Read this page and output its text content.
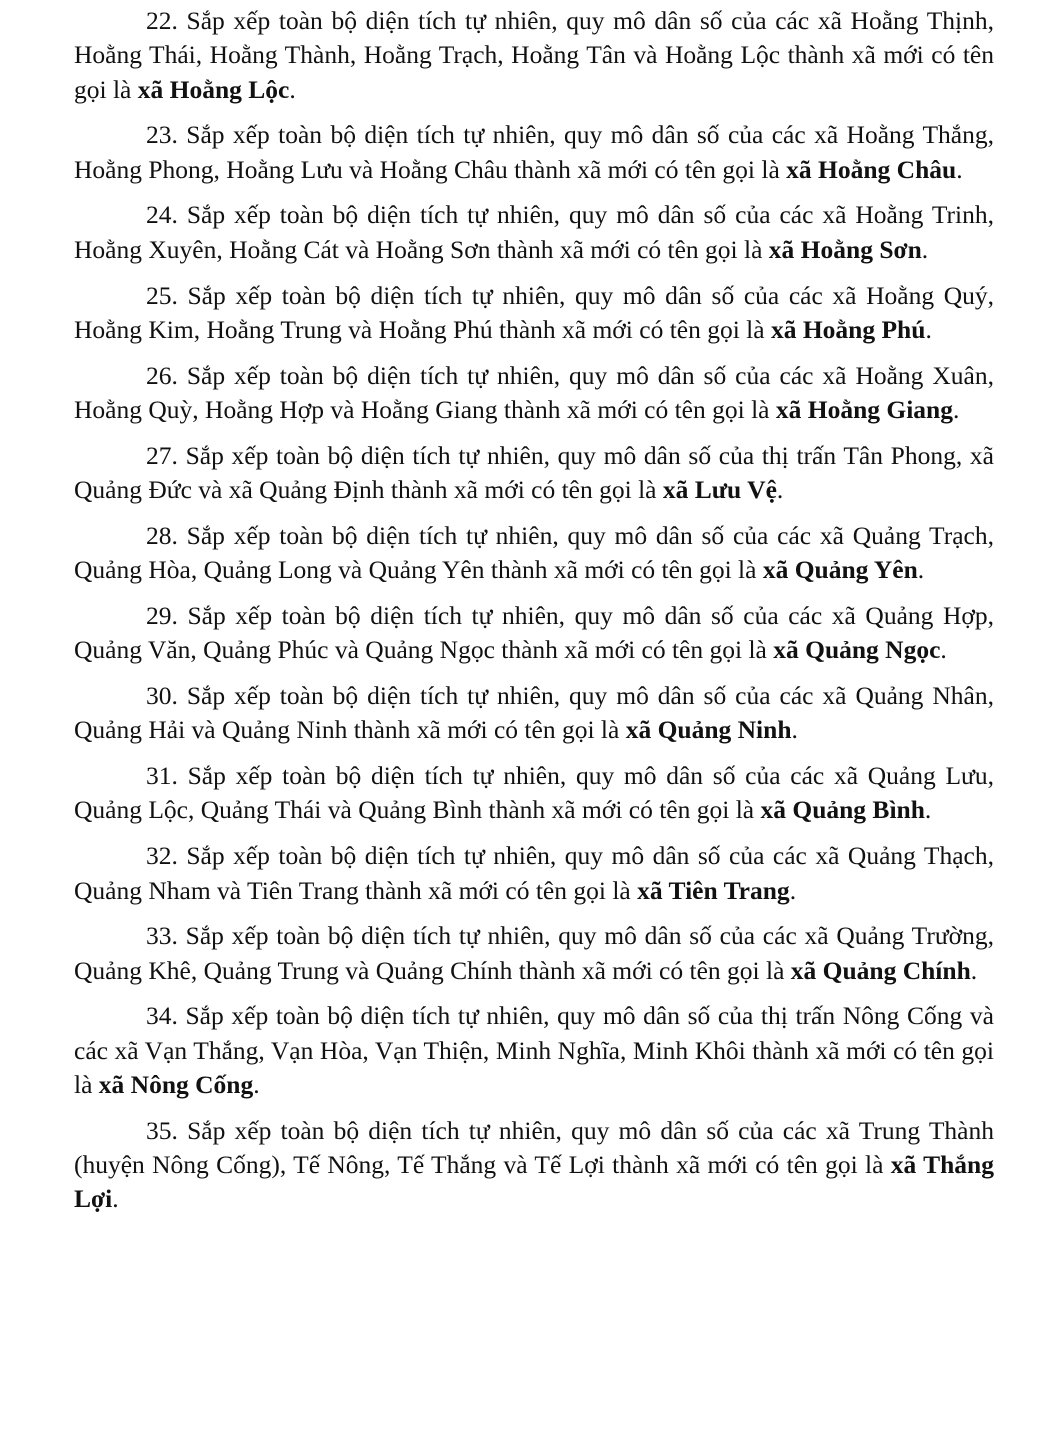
22. Sắp xếp toàn bộ diện tích tự nhiên, quy mô dân số của các xã Hoằng Thịnh, Hoằng Thái, Hoằng Thành, Hoằng Trạch, Hoằng Tân và Hoằng Lộc thành xã mới có tên gọi là xã Hoằng Lộc.

23. Sắp xếp toàn bộ diện tích tự nhiên, quy mô dân số của các xã Hoằng Thắng, Hoằng Phong, Hoằng Lưu và Hoằng Châu thành xã mới có tên gọi là xã Hoằng Châu.

24. Sắp xếp toàn bộ diện tích tự nhiên, quy mô dân số của các xã Hoằng Trinh, Hoằng Xuyên, Hoằng Cát và Hoằng Sơn thành xã mới có tên gọi là xã Hoằng Sơn.

25. Sắp xếp toàn bộ diện tích tự nhiên, quy mô dân số của các xã Hoằng Quý, Hoằng Kim, Hoằng Trung và Hoằng Phú thành xã mới có tên gọi là xã Hoằng Phú.

26. Sắp xếp toàn bộ diện tích tự nhiên, quy mô dân số của các xã Hoằng Xuân, Hoằng Quỳ, Hoằng Hợp và Hoằng Giang thành xã mới có tên gọi là xã Hoằng Giang.

27. Sắp xếp toàn bộ diện tích tự nhiên, quy mô dân số của thị trấn Tân Phong, xã Quảng Đức và xã Quảng Định thành xã mới có tên gọi là xã Lưu Vệ.

28. Sắp xếp toàn bộ diện tích tự nhiên, quy mô dân số của các xã Quảng Trạch, Quảng Hòa, Quảng Long và Quảng Yên thành xã mới có tên gọi là xã Quảng Yên.

29. Sắp xếp toàn bộ diện tích tự nhiên, quy mô dân số của các xã Quảng Hợp, Quảng Văn, Quảng Phúc và Quảng Ngọc thành xã mới có tên gọi là xã Quảng Ngọc.

30. Sắp xếp toàn bộ diện tích tự nhiên, quy mô dân số của các xã Quảng Nhân, Quảng Hải và Quảng Ninh thành xã mới có tên gọi là xã Quảng Ninh.

31. Sắp xếp toàn bộ diện tích tự nhiên, quy mô dân số của các xã Quảng Lưu, Quảng Lộc, Quảng Thái và Quảng Bình thành xã mới có tên gọi là xã Quảng Bình.

32. Sắp xếp toàn bộ diện tích tự nhiên, quy mô dân số của các xã Quảng Thạch, Quảng Nham và Tiên Trang thành xã mới có tên gọi là xã Tiên Trang.

33. Sắp xếp toàn bộ diện tích tự nhiên, quy mô dân số của các xã Quảng Trường, Quảng Khê, Quảng Trung và Quảng Chính thành xã mới có tên gọi là xã Quảng Chính.

34. Sắp xếp toàn bộ diện tích tự nhiên, quy mô dân số của thị trấn Nông Cống và các xã Vạn Thắng, Vạn Hòa, Vạn Thiện, Minh Nghĩa, Minh Khôi thành xã mới có tên gọi là xã Nông Cống.

35. Sắp xếp toàn bộ diện tích tự nhiên, quy mô dân số của các xã Trung Thành (huyện Nông Cống), Tế Nông, Tế Thắng và Tế Lợi thành xã mới có tên gọi là xã Thắng Lợi.
